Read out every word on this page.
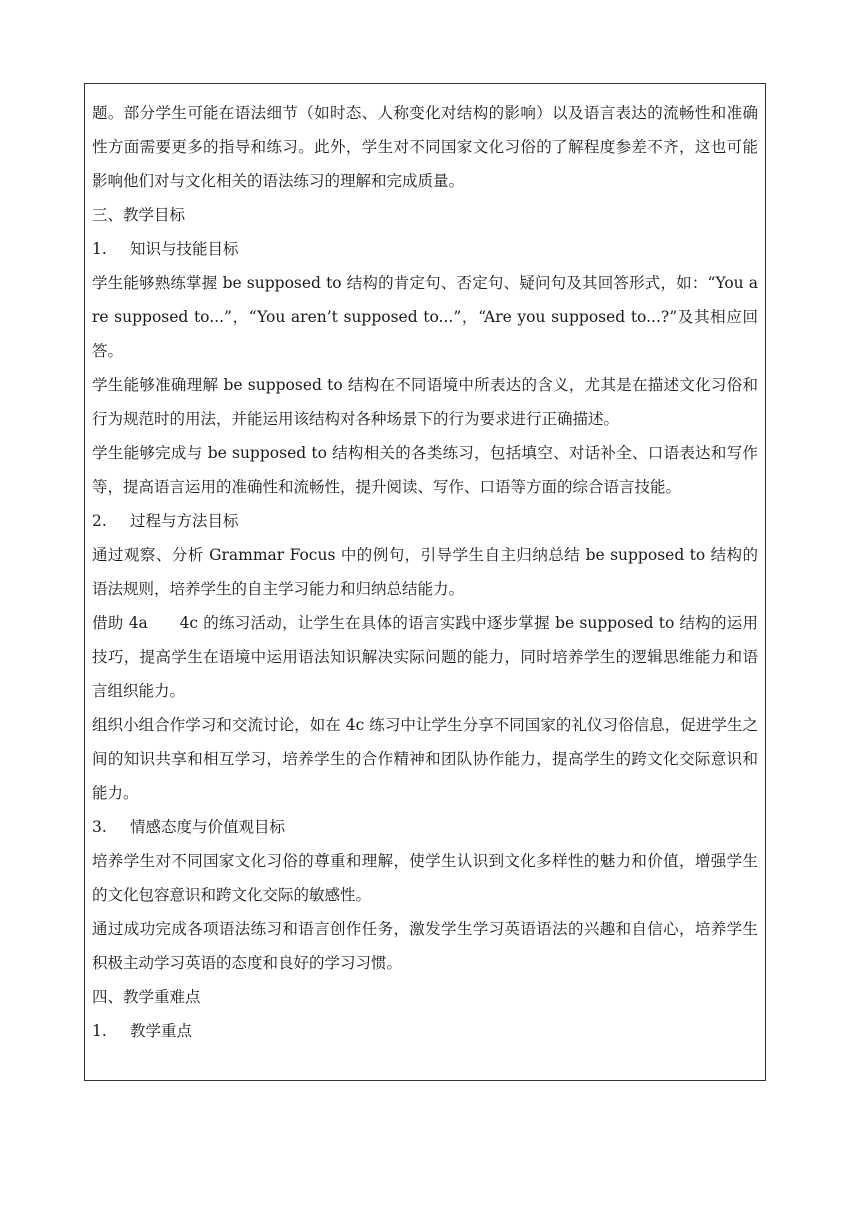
题。部分学生可能在语法细节（如时态、人称变化对结构的影响）以及语言表达的流畅性和准确性方面需要更多的指导和练习。此外，学生对不同国家文化习俗的了解程度参差不齐，这也可能影响他们对与文化相关的语法练习的理解和完成质量。

三、教学目标

1. 知识与技能目标

学生能够熟练掌握 be supposed to 结构的肯定句、否定句、疑问句及其回答形式，如：“You are supposed to...”，“You aren’t supposed to...”，“Are you supposed to...?”及其相应回答。

学生能够准确理解 be supposed to 结构在不同语境中所表达的含义，尤其是在描述文化习俗和行为规范时的用法，并能运用该结构对各种场景下的行为要求进行正确描述。

学生能够完成与 be supposed to 结构相关的各类练习，包括填空、对话补全、口语表达和写作等，提高语言运用的准确性和流畅性，提升阅读、写作、口语等方面的综合语言技能。

2. 过程与方法目标

通过观察、分析 Grammar Focus 中的例句，引导学生自主归纳总结 be supposed to 结构的语法规则，培养学生的自主学习能力和归纳总结能力。

借助 4a　　4c 的练习活动，让学生在具体的语言实践中逐步掌握 be supposed to 结构的运用技巧，提高学生在语境中运用语法知识解决实际问题的能力，同时培养学生的逻辑思维能力和语言组织能力。

组织小组合作学习和交流讨论，如在 4c 练习中让学生分享不同国家的礼仪习俗信息，促进学生之间的知识共享和相互学习，培养学生的合作精神和团队协作能力，提高学生的跨文化交际意识和能力。

3. 情感态度与价值观目标

培养学生对不同国家文化习俗的尊重和理解，使学生认识到文化多样性的魅力和价值，增强学生的文化包容意识和跨文化交际的敏感性。

通过成功完成各项语法练习和语言创作任务，激发学生学习英语语法的兴趣和自信心，培养学生积极主动学习英语的态度和良好的学习习惯。

四、教学重难点

1. 教学重点
